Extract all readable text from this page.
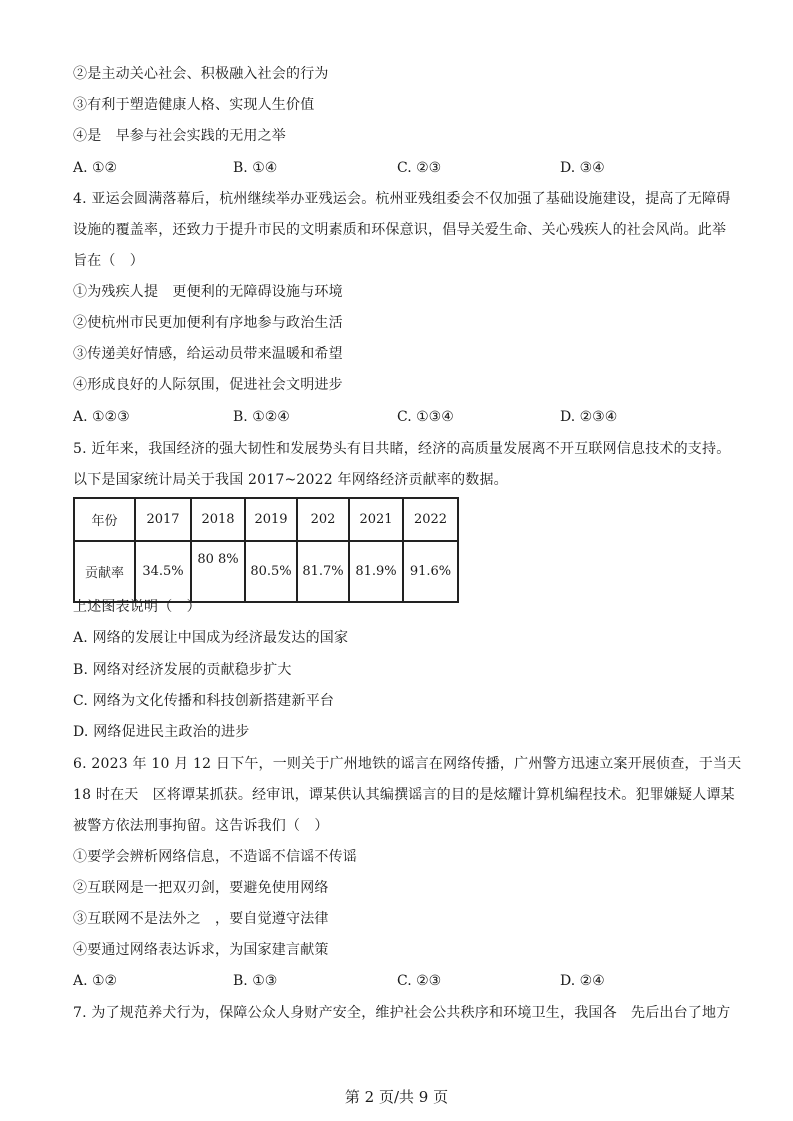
②是主动关心社会、积极融入社会的行为
③有利于塑造健康人格、实现人生价值
④是　早参与社会实践的无用之举
A. ①②	B. ①④	C. ②③	D. ③④
4. 亚运会圆满落幕后，杭州继续举办亚残运会。杭州亚残组委会不仅加强了基础设施建设，提高了无障碍
设施的覆盖率，还致力于提升市民的文明素质和环保意识，倡导关爱生命、关心残疾人的社会风尚。此举
旨在（　）
①为残疾人提　更便利的无障碍设施与环境
②使杭州市民更加便利有序地参与政治生活
③传递美好情感，给运动员带来温暖和希望
④形成良好的人际氛围，促进社会文明进步
A. ①②③	B. ①②④	C. ①③④	D. ②③④
5. 近年来，我国经济的强大韧性和发展势头有目共睹，经济的高质量发展离不开互联网信息技术的支持。
以下是国家统计局关于我国 2017~2022 年网络经济贡献率的数据。
年份	2017	2018	2019	202	2021	2022
贡献率	34.5%	80 8%	80.5%	81.7%	81.9%	91.6%
上述图表说明（　）
A. 网络的发展让中国成为经济最发达的国家
B. 网络对经济发展的贡献稳步扩大
C. 网络为文化传播和科技创新搭建新平台
D. 网络促进民主政治的进步
6. 2023 年 10 月 12 日下午，一则关于广州地铁的谣言在网络传播，广州警方迅速立案开展侦查，于当天
18 时在天　区将谭某抓获。经审讯，谭某供认其编撰谣言的目的是炫耀计算机编程技术。犯罪嫌疑人谭某
被警方依法刑事拘留。这告诉我们（　）
①要学会辨析网络信息，不造谣不信谣不传谣
②互联网是一把双刃剑，要避免使用网络
③互联网不是法外之　，要自觉遵守法律
④要通过网络表达诉求，为国家建言献策
A. ①②	B. ①③	C. ②③	D. ②④
7. 为了规范养犬行为，保障公众人身财产安全，维护社会公共秩序和环境卫生，我国各　先后出台了地方
第 2 页/共 9 页
